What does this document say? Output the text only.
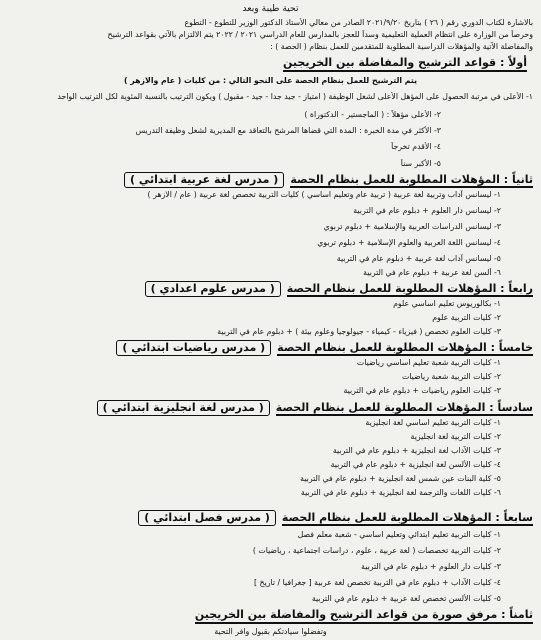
تحية طيبة وبعد
بالاشارة لكتاب الدوري رقم ( ٢٦ ) بتاريخ ٢٠٢١/٩/٢٠ الصادر من معالي الأستاذ الدكتور الوزير للتطوع - التطوع
وحرصاً من الوزارة على انتظام العملية التعليمية وسداً للعجز بالمدارس للعام الدراسي ٢٠٢١ / ٢٠٢٢ يتم الالتزام بالآتي بقواعد الترشيح
والمفاضلة الآتية والمؤهلات الدراسية المطلوبة للمتقدمين للعمل بنظام ( الحصة ) :
أولاً : قواعد الترشيح والمفاضلة بين الخريجين
يتم الترشيح للعمل بنظام الحصة على النحو التالي : من كليات ( عام والازهر )
١- الأعلى في مرتبة الحصول على المؤهل الأعلى لشغل الوظيفة ( امتياز - جيد جدا - جيد - مقبول ) ويكون الترتيب بالنسبة المئوية لكل الترتيب الواحد
٢- الأعلى مؤهلاً : ( الماجستير - الدكتوراة )
٣- الأكثر في مدة الخبرة : المدة التي قضاها المرشح بالتعاقد مع المديرية لشغل وظيفة التدريس
٤- الأقدم تخرجاً
٥- الأكبر سناً
ثانياً : المؤهلات المطلوبة للعمل بنظام الحصة( مدرس لغة عربية ابتدائي )
١- ليسانس آداب وتربية لغة عربية ( تربية عام وتعليم اساسي ) كليات التربية تخصص لغة عربية ( عام / الازهر )
٢- ليسانس دار العلوم + دبلوم عام في التربية
٣- ليسانس الدراسات العربية والإسلامية + دبلوم تربوي
٤- ليسانس اللغة العربية والعلوم الإسلامية + دبلوم تربوي
٥- ليسانس آداب لغة عربية + دبلوم عام في التربية
٦- ألسن لغة عربية + دبلوم عام في التربية
رابعاً : المؤهلات المطلوبة للعمل بنظام الحصة( مدرس علوم اعدادي )
١- بكالوريوس تعليم اساسي علوم
٢- كليات التربية علوم
٣- كليات العلوم تخصص ( فيزياء - كيمياء - جيولوجيا وعلوم بيئة ) + دبلوم عام في التربية
خامساً : المؤهلات المطلوبة للعمل بنظام الحصة( مدرس رياضيات ابتدائي )
١- كليات التربية شعبة تعليم اساسي رياضيات
٢- كليات التربية شعبة رياضيات
٣- كليات العلوم رياضيات + دبلوم عام في التربية
سادساً : المؤهلات المطلوبة للعمل بنظام الحصة( مدرس لغة انجليزية ابتدائي )
١- كليات التربية تعليم اساسي لغة انجليزية
٢- كليات التربية لغة انجليزية
٣- كليات الآداب لغة انجليزية + دبلوم عام في التربية
٤- كليات الألسن لغة انجليزية + دبلوم عام في التربية
٥- كلية البنات عين شمس لغة انجليزية + دبلوم عام في التربية
٦- كليات اللغات والترجمة لغة انجليزية + دبلوم عام في التربية
سابعاً : المؤهلات المطلوبة للعمل بنظام الحصة( مدرس فصل ابتدائي )
١- كليات التربية تعليم ابتدائي وتعليم اساسي - شعبة معلم فصل
٢- كليات التربية تخصصات ( لغة عربية ، علوم ، دراسات اجتماعية ، رياضيات )
٣- كليات دار العلوم + دبلوم عام في التربية
٤- كليات الآداب + دبلوم عام في التربية تخصص لغة عربية [ جغرافيا / تاريخ ]
٥- كليات الألسن تخصص لغة عربية + دبلوم عام في التربية
ثامناً : مرفق صورة من قواعد الترشيح والمفاضلة بين الخريجين
وتفضلوا سيادتكم بقبول وافر التحية
